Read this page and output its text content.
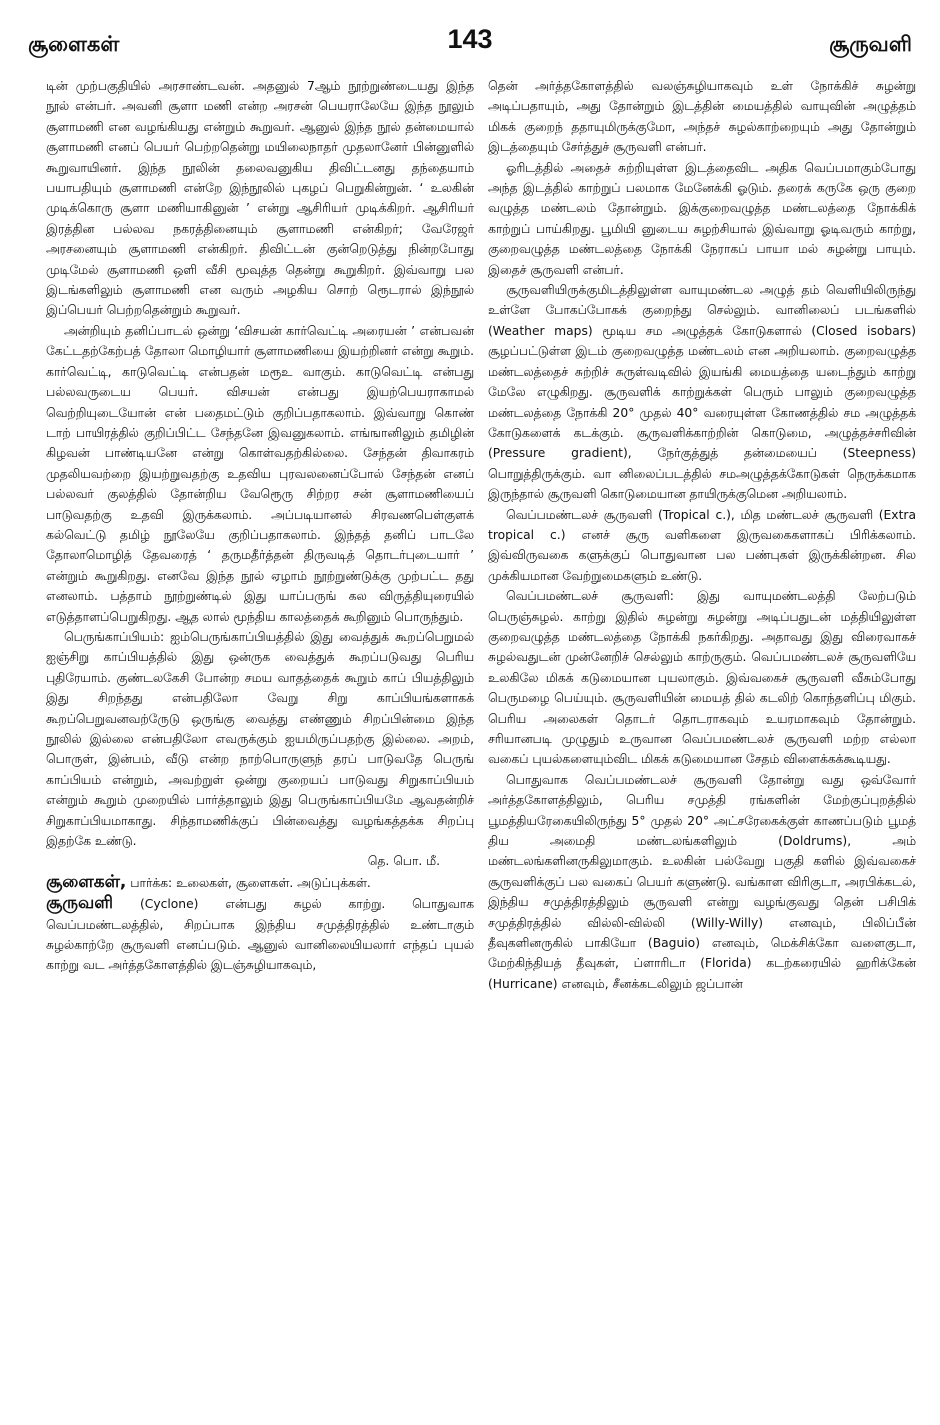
சூளைகள்	143	சூருவளி

டின் முற்பகுதியில் அரசாண்டவன். அதனுல் 7ஆம் நூற்றுண்டையது இந்த நூல் என்பர். அவனி சூளா மணி என்ற அரசன் பெயராலேயே இந்த நூலும் சூளாமணி என வழங்கியது என்றும் கூறுவர். ஆனுல் இந்த நூல் தன்மையால் சூளாமணி எனப் பெயர் பெற்றதென்று மயிலைநாதர் முதலானேர் பின்னுளில் கூறுவாயினர். இந்த நூலின் தலைவனுகிய திவிட்டனது தந்தையாம் பயாபதியும் சூளாமணி என்றே இந்நூலில் புகழப் பெறுகின்றுன். ‘ உலகின் முடிக்கொரு சூளா மணியாகினுன் ’ என்று ஆசிரியர் முடிக்கிறர். ஆசிரியர் இரத்தின பல்லவ நகரத்தினையும் சூளாமணி என்கிறர்; வேரேஜர் அரசனையும் சூளாமணி என்கிறர். திவிட்டன் குன்றெடுத்து நின்றபோது முடிமேல் சூளாமணி ஒளி வீசி மூவுத்த தென்று கூறுகிறர். இவ்வாறு பல இடங்களிலும் சூளாமணி என வரும் அழகிய சொற் ரூெடரால் இந்நூல் இப்பெயர் பெற்றதென்றும் கூறுவர்.

அன்றியும் தனிப்பாடல் ஒன்று ‘விசயன் கார்வெட்டி அரையன் ’ என்பவன் கேட்டதற்கேற்பத் தோலா மொழியார் சூளாமணியை இயற்றினர் என்று கூறும். கார்வெட்டி, காடுவெட்டி என்பதன் மரூஉ வாகும். காடுவெட்டி என்பது பல்லவருடைய பெயர். விசயன் என்பது இயற்பெயராகாமல் வெற்றியுடையோன் என் பதைமட்டும் குறிப்பதாகலாம். இவ்வாறு கொண் டாற் பாயிரத்தில் குறிப்பிட்ட சேந்தனே இவனுகலாம். எங்ஙானிலும் தமிழின் கிழவன் பாண்டியனே என்று கொள்வதற்கில்லை. சேந்தன் திவாகரம் முதலியவற்றை இயற்றுவதற்கு உதவிய புரவலனைப்போல் சேந்தன் எனப் பல்லவர் குலத்தில் தோன்றிய வேரூெரு சிற்றர சன் சூளாமணியைப் பாடுவதற்கு உதவி இருக்கலாம். அப்படியானல் சிரவணபெள்குளக் கல்வெட்டு தமிழ் நூலேயே குறிப்பதாகலாம். இந்தத் தனிப் பாடலே தோலாமொழித் தேவரைத் ‘ தருமதீர்த்தன் திருவடித் தொடர்புடையார் ’ என்றும் கூறுகிறது. எனவே இந்த நூல் ஏழாம் நூற்றுண்டுக்கு முற்பட்ட தது எனலாம். பத்தாம் நூற்றுண்டில் இது யாப்பருங் கல விருத்தியுரையில் எடுத்தாளப்பெறுகிறது. ஆத லால் மூந்திய காலத்தைக் கூறினும் பொருந்தும்.

பெருங்காப்பியம்: ஐம்பெருங்காப்பியத்தில் இது வைத்துக் கூறப்பெறுமல் ஐஞ்சிறு காப்பியத்தில் இது ஒன்ருக வைத்துக் கூறப்படுவது பெரிய புதிரேயாம். குண்டலகேசி போன்ற சமய வாதத்தைக் கூறும் காப் பியத்திலும் இது சிறந்தது என்பதிலோ வேறு சிறு காப்பியங்களாகக் கூறப்பெறுவனவற்ருேடு ஒருங்கு வைத்து எண்ணும் சிறப்பின்மை இந்த நூலில் இல்லை என்பதிலோ எவருக்கும் ஐயமிருப்பதற்கு இல்லை. அறம், பொருள், இன்பம், வீடு என்ற நாற்பொருளுந் தரப் பாடுவதே பெருங் காப்பியம் என்றும், அவற்றுள் ஒன்று குறையப் பாடுவது சிறுகாப்பியம் என்றும் கூறும் முறையில் பார்த்தாலும் இது பெருங்காப்பியமே ஆவதன்றிச் சிறுகாப்பியமாகாது. சிந்தாமணிக்குப் பின்வைத்து வழங்கத்தக்க சிறப்பு இதற்கே உண்டு.

தெ. பொ. மீ.

சூளைகள், பார்க்க: உலைகள், சூளைகள். அடுப்புக்கள்.

சூருவளி (Cyclone) என்பது சுழல் காற்று. பொதுவாக வெப்பமண்டலத்தில், சிறப்பாக இந்திய சமுத்திரத்தில் உண்டாகும் சுழல்காற்றே சூருவளி எனப்படும். ஆனுல் வானிலையியலார் எந்தப் புயல் காற்று வட அர்த்தகோளத்தில் இடஞ்சுழியாகவும்,

தென் அர்த்தகோளத்தில் வலஞ்சுழியாகவும் உள் நோக்கிச் சுழன்று அடிப்பதாயும், அது தோன்றும் இடத்தின் மையத்தில் வாயுவின் அழுத்தம் மிகக் குறைந் ததாயுமிருக்குமோ, அந்தச் சுழல்காற்றையும் அது தோன்றும் இடத்தையும் சேர்த்துச் சூருவளி என்பர்.

ஓரிடத்தில் அதைச் சுற்றியுள்ள இடத்தைவிட அதிக வெப்பமாகும்போது அந்த இடத்தில் காற்றுப் பலமாக மேனேக்கி ஓடும். தரைக் கருகே ஒரு குறை வழுத்த மண்டலம் தோன்றும். இக்குறைவழுத்த மண்டலத்தை நோக்கிக் காற்றுப் பாய்கிறது. பூமியி னுடைய சுழற்சியால் இவ்வாறு ஓடிவரும் காற்று, குறைவழுத்த மண்டலத்தை நோக்கி நேராகப் பாயா மல் சுழன்று பாயும். இதைச் சூருவளி என்பர்.

சூருவளியிருக்குமிடத்திலுள்ள வாயுமண்டல அழுத் தம் வெளியிலிருந்து உள்ளே போகப்போகக் குறைந்து செல்லும். வானிலைப் படங்களில் (Weather maps) மூடிய சம அழுத்தக் கோடுகளால் (Closed isobars) சூழப்பட்டுள்ள இடம் குறைவழுத்த மண்டலம் என அறியலாம். குறைவழுத்த மண்டலத்தைச் சுற்றிச் சுருள்வடிவில் இயங்கி மையத்தை யடைந்தும் காற்று மேலே எழுகிறது. சூருவளிக் காற்றுக்கள் பெரும் பாலும் குறைவழுத்த மண்டலத்தை நோக்கி 20° முதல் 40° வரையுள்ள கோணத்தில் சம அழுத்தக் கோடுகளைக் கடக்கும். சூருவளிக்காற்றின் கொடுமை, அழுத்தச்சரிவின் (Pressure gradient), நேர்குத்துத் தன்மையைப் (Steepness) பொறுத்திருக்கும். வா னிலைப்படத்தில் சமஅழுத்தக்கோடுகள் நெருக்கமாக இருந்தால் சூருவளி கொடுமையான தாயிருக்குமென அறியலாம்.

வெப்பமண்டலச் சூருவளி (Tropical c.), மித மண்டலச் சூருவளி (Extra tropical c.) எனச் சூரு வளிகளை இருவகைகளாகப் பிரிக்கலாம். இவ்விருவகை களுக்குப் பொதுவான பல பண்புகள் இருக்கின்றன. சில முக்கியமான வேற்றுமைகளும் உண்டு.

வெப்பமண்டலச் சூருவளி: இது வாயுமண்டலத்தி லேற்படும் பெருஞ்சுழல். காற்று இதில் சுழன்று சுழன்று அடிப்பதுடன் மத்தியிலுள்ள குறைவழுத்த மண்டலத்தை நோக்கி நகர்கிறது. அதாவது இது விரைவாகச் சுழல்வதுடன் முன்னேறிச் செல்லும் காற்ருகும். வெப்பமண்டலச் சூருவளியே உலகிலே மிகக் கடுமையான புயலாகும். இவ்வகைச் சூருவளி வீசும்போது பெருமழை பெய்யும். சூருவளியின் மையத் தில் கடலிற் கொந்தளிப்பு மிகும். பெரிய அலைகள் தொடர் தொடராகவும் உயரமாகவும் தோன்றும். சரியானபடி முழுதும் உருவான வெப்பமண்டலச் சூருவளி மற்ற எல்லா வகைப் புயல்களையும்விட மிகக் கடுமையான சேதம் விளைக்கக்கூடியது.

பொதுவாக வெப்பமண்டலச் சூருவளி தோன்று வது ஒவ்வோர் அர்த்தகோளத்திலும், பெரிய சமுத்தி ரங்களின் மேற்குப்புறத்தில் பூமத்தியரேகையிலிருந்து 5° முதல் 20° அட்சரேகைக்குள் காணப்படும் பூமத் திய அமைதி மண்டலங்களிலும் (Doldrums), அம் மண்டலங்களினருகிலுமாகும். உலகின் பல்வேறு பகுதி களில் இவ்வகைச் சூருவளிக்குப் பல வகைப் பெயர் களுண்டு. வங்காள விரிகுடா, அரபிக்கடல், இந்திய சமுத்திரத்திலும் சூருவளி என்று வழங்குவது தென் பசிபிக் சமுத்திரத்தில் வில்லி-வில்லி (Willy-Willy) எனவும், பிலிப்பீன் தீவுகளினருகில் பாகியோ (Baguio) எனவும், மெக்சிக்கோ வளைகுடா, மேற்கிந்தியத் தீவுகள், ப்ளாரிடா (Florida) கடற்கரையில் ஹரிக்கேன் (Hurricane) எனவும், சீனக்கடலிலும் ஜப்பான்
